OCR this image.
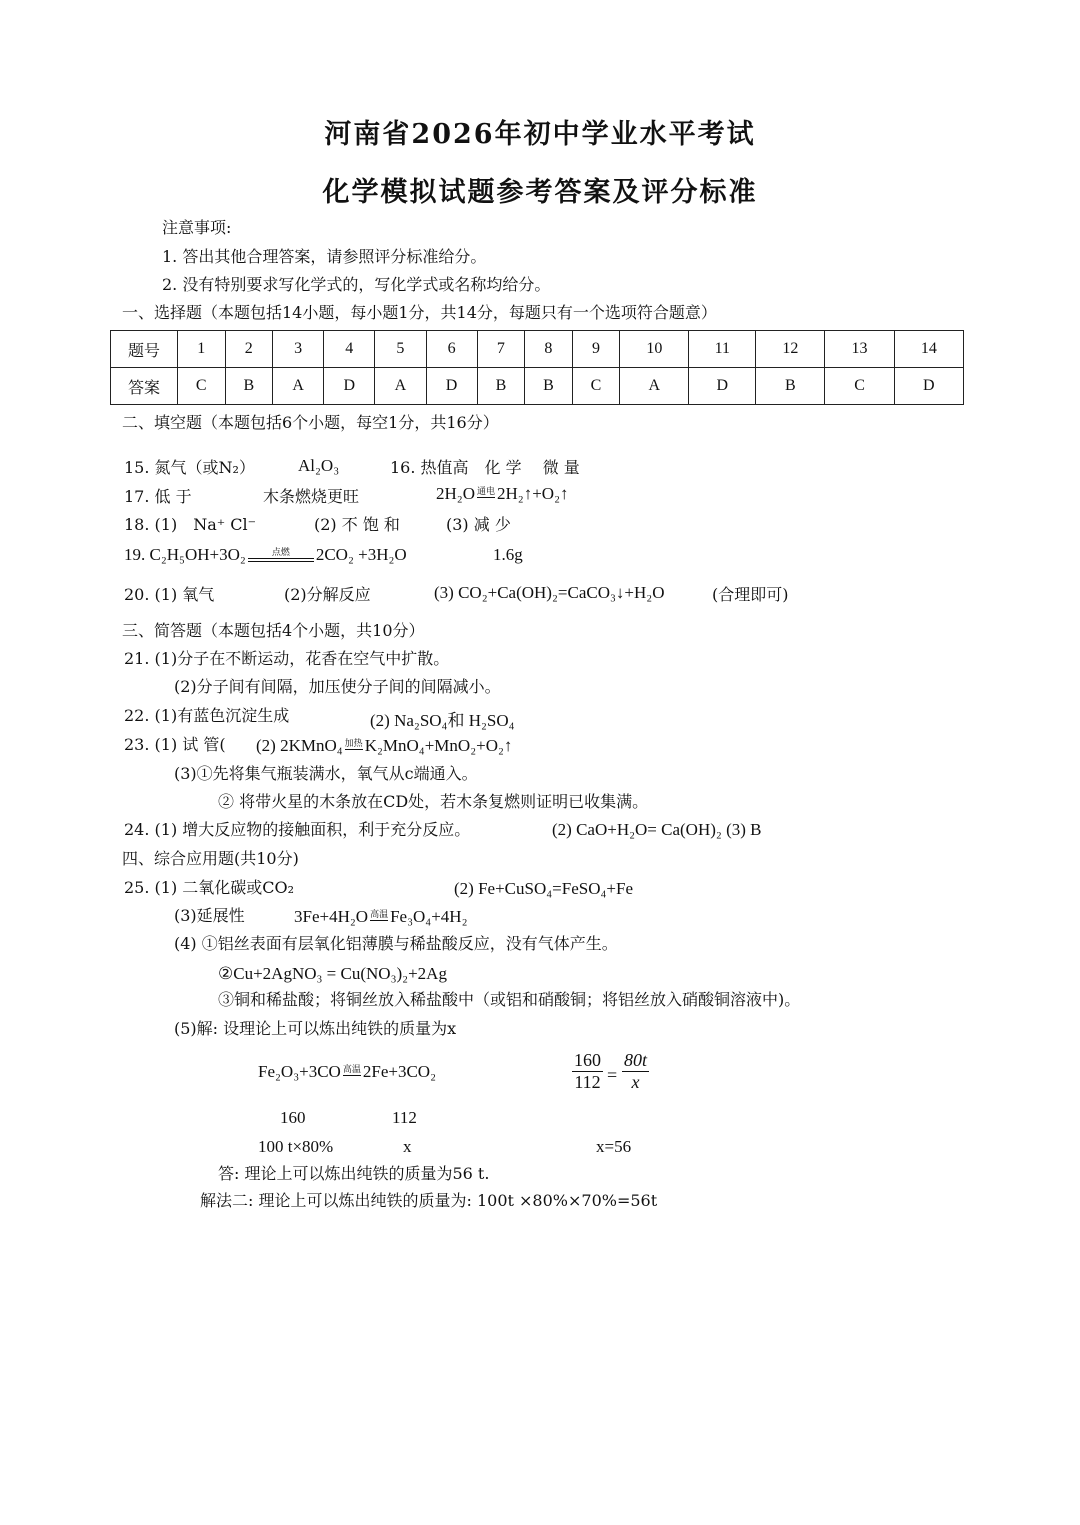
河南省2026年初中学业水平考试
化学模拟试题参考答案及评分标准
注意事项:
1. 答出其他合理答案，请参照评分标准给分。
2. 没有特别要求写化学式的，写化学式或名称均给分。
一、选择题（本题包括14小题，每小题1分，共14分，每题只有一个选项符合题意）
题号	1	2	3	4	5	6	7	8	9	10	11	12	13	14
答案	C	B	A	D	A	D	B	B	C	A	D	B	C	D
二、填空题（本题包括6个小题，每空1分，共16分）
15. 氮气（或N₂）	Al₂O₃	16. 热值高　化 学　 微 量
17. 低 于	木条燃烧更旺	2H₂O 通电 2H₂↑+O₂↑
18. (1)　Na⁺ Cl⁻	(2) 不 饱 和	(3) 减 少
19. C₂H₅OH+3O₂	点燃 2CO₂ +3H₂O	1.6g
20. (1) 氧气	(2)分解反应	(3) CO₂+Ca(OH)₂=CaCO₃↓+H₂O	(合理即可)
三、简答题（本题包括4个小题，共10分）
21. (1)分子在不断运动，花香在空气中扩散。
(2)分子间有间隔，加压使分子间的间隔减小。
22. (1)有蓝色沉淀生成	(2) Na₂SO₄和 H₂SO₄
23. (1) 试 管( (2) 2KMnO₄ 加热 K₂MnO₄+MnO₂+O₂↑
(3)①先将集气瓶装满水，氧气从c端通入。
② 将带火星的木条放在CD处，若木条复燃则证明已收集满。
24. (1) 增大反应物的接触面积，利于充分反应。	(2) CaO+H₂O= Ca(OH)₂ (3) B
四、综合应用题(共10分)
25. (1) 二氧化碳或CO₂	(2) Fe+CuSO₄=FeSO₄+Fe
(3)延展性	3Fe+4H₂O 高温 Fe₃O₄+4H₂
(4) ①铝丝表面有层氧化铝薄膜与稀盐酸反应，没有气体产生。
②Cu+2AgNO₃ = Cu(NO₃)₂+2Ag
③铜和稀盐酸；将铜丝放入稀盐酸中（或铝和硝酸铜；将铝丝放入硝酸铜溶液中)。
(5)解: 设理论上可以炼出纯铁的质量为x
Fe₂O₃+3CO 高温 2Fe+3CO₂	$\frac{160}{112} = \frac{80t}{x}$
160	112
100 t×80%	x	x=56
答: 理论上可以炼出纯铁的质量为56 t.
解法二: 理论上可以炼出纯铁的质量为: 100t ×80%×70%=56t
